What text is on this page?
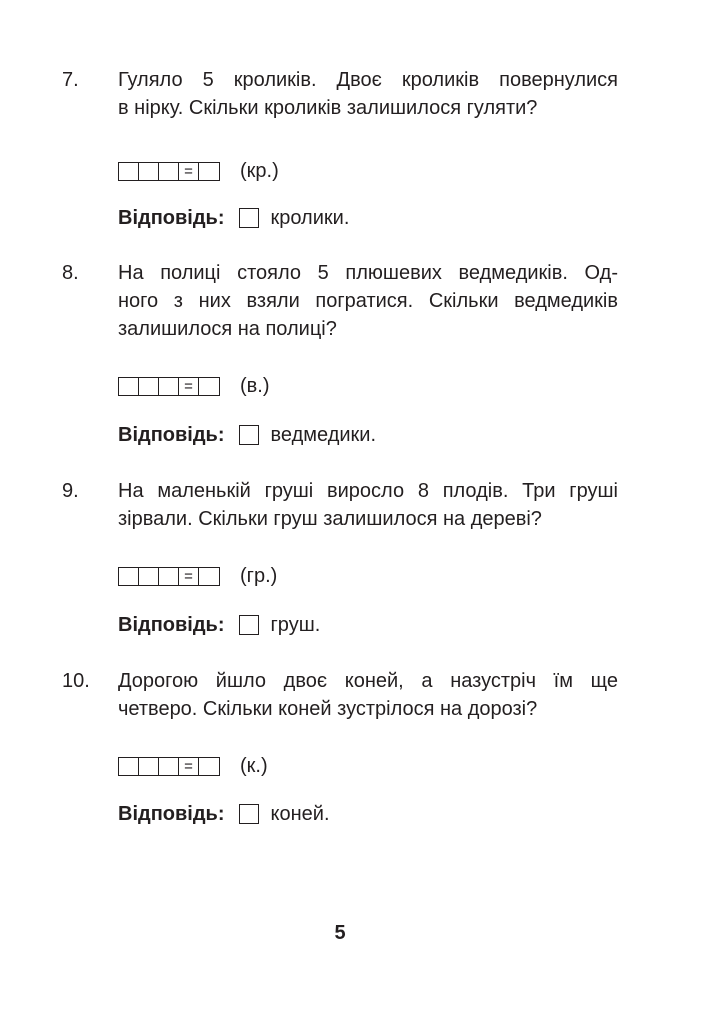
7. Гуляло 5 кроликів. Двоє кроликів повернулися
в нірку. Скільки кроликів залишилося гуляти?
=	(кр.)
Відповідь: кролики.
8. На полиці стояло 5 плюшевих ведмедиків. Од-
ного з них взяли погратися. Скільки ведмедиків
залишилося на полиці?
=	(в.)
Відповідь: ведмедики.
9. На маленькій груші виросло 8 плодів. Три груші
зірвали. Скільки груш залишилося на дереві?
=	(гр.)
Відповідь: груш.
10. Дорогою йшло двоє коней, а назустріч їм ще
четверо. Скільки коней зустрілося на дорозі?
=	(к.)
Відповідь: коней.
5
